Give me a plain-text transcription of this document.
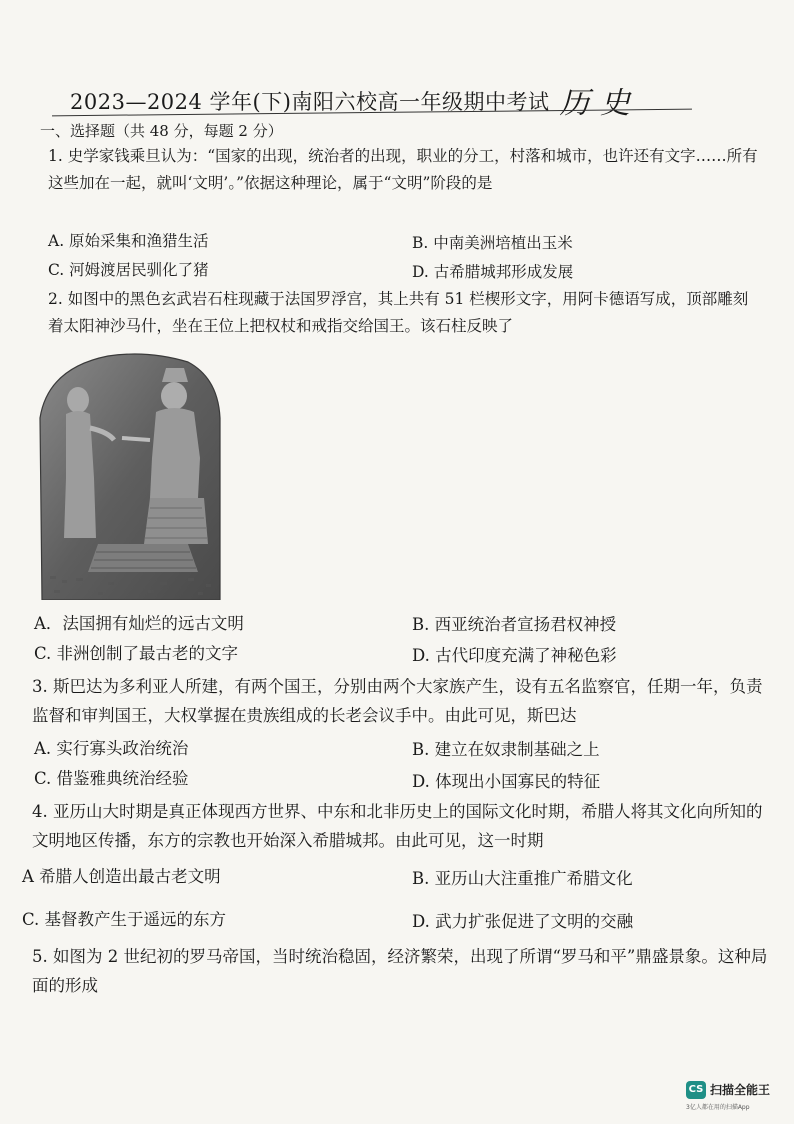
2023—2024 学年(下)南阳六校高一年级期中考试 历 史
一、选择题（共 48 分，每题 2 分）
1. 史学家钱乘旦认为：“国家的出现，统治者的出现，职业的分工，村落和城市，也许还有文字……所有这些加在一起，就叫‘文明’。”依据这种理论，属于“文明”阶段的是
A. 原始采集和渔猎生活	B. 中南美洲培植出玉米
C. 河姆渡居民驯化了猪	D. 古希腊城邦形成发展
2. 如图中的黑色玄武岩石柱现藏于法国罗浮宫，其上共有 51 栏楔形文字，用阿卡德语写成，顶部雕刻着太阳神沙马什，坐在王位上把权杖和戒指交给国王。该石柱反映了
A．法国拥有灿烂的远古文明	B. 西亚统治者宣扬君权神授
C. 非洲创制了最古老的文字	D. 古代印度充满了神秘色彩
3. 斯巴达为多利亚人所建，有两个国王，分别由两个大家族产生，设有五名监察官，任期一年，负责监督和审判国王，大权掌握在贵族组成的长老会议手中。由此可见，斯巴达
A. 实行寡头政治统治	B. 建立在奴隶制基础之上
C. 借鉴雅典统治经验	D. 体现出小国寡民的特征
4. 亚历山大时期是真正体现西方世界、中东和北非历史上的国际文化时期，希腊人将其文化向所知的文明地区传播，东方的宗教也开始深入希腊城邦。由此可见，这一时期
A 希腊人创造出最古老文明	B. 亚历山大注重推广希腊文化
C. 基督教产生于遥远的东方	D. 武力扩张促进了文明的交融
5. 如图为 2 世纪初的罗马帝国，当时统治稳固，经济繁荣，出现了所谓“罗马和平”鼎盛景象。这种局面的形成
CS 扫描全能王
3亿人都在用的扫描App
